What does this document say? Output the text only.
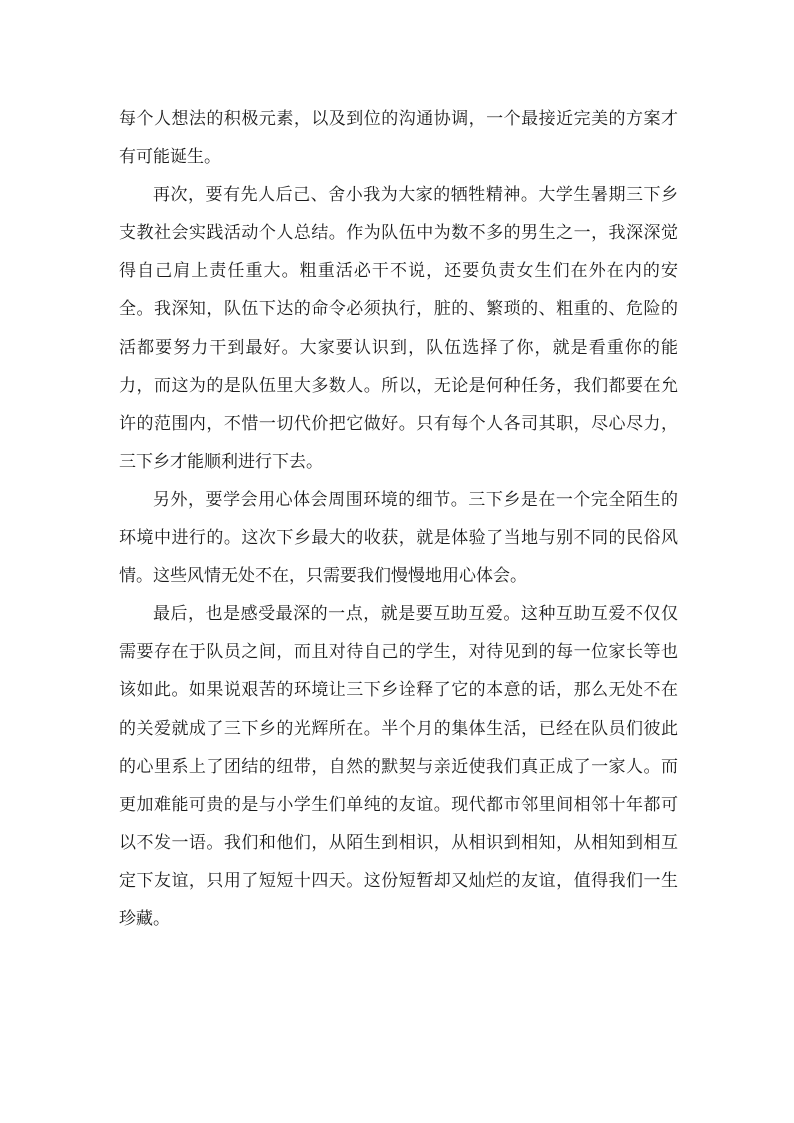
每个人想法的积极元素，以及到位的沟通协调，一个最接近完美的方案才有可能诞生。

再次，要有先人后己、舍小我为大家的牺牲精神。大学生暑期三下乡支教社会实践活动个人总结。作为队伍中为数不多的男生之一，我深深觉得自己肩上责任重大。粗重活必干不说，还要负责女生们在外在内的安全。我深知，队伍下达的命令必须执行，脏的、繁琐的、粗重的、危险的活都要努力干到最好。大家要认识到，队伍选择了你，就是看重你的能力，而这为的是队伍里大多数人。所以，无论是何种任务，我们都要在允许的范围内，不惜一切代价把它做好。只有每个人各司其职，尽心尽力，三下乡才能顺利进行下去。

另外，要学会用心体会周围环境的细节。三下乡是在一个完全陌生的环境中进行的。这次下乡最大的收获，就是体验了当地与别不同的民俗风情。这些风情无处不在，只需要我们慢慢地用心体会。

最后，也是感受最深的一点，就是要互助互爱。这种互助互爱不仅仅需要存在于队员之间，而且对待自己的学生，对待见到的每一位家长等也该如此。如果说艰苦的环境让三下乡诠释了它的本意的话，那么无处不在的关爱就成了三下乡的光辉所在。半个月的集体生活，已经在队员们彼此的心里系上了团结的纽带，自然的默契与亲近使我们真正成了一家人。而更加难能可贵的是与小学生们单纯的友谊。现代都市邻里间相邻十年都可以不发一语。我们和他们，从陌生到相识，从相识到相知，从相知到相互定下友谊，只用了短短十四天。这份短暂却又灿烂的友谊，值得我们一生珍藏。
